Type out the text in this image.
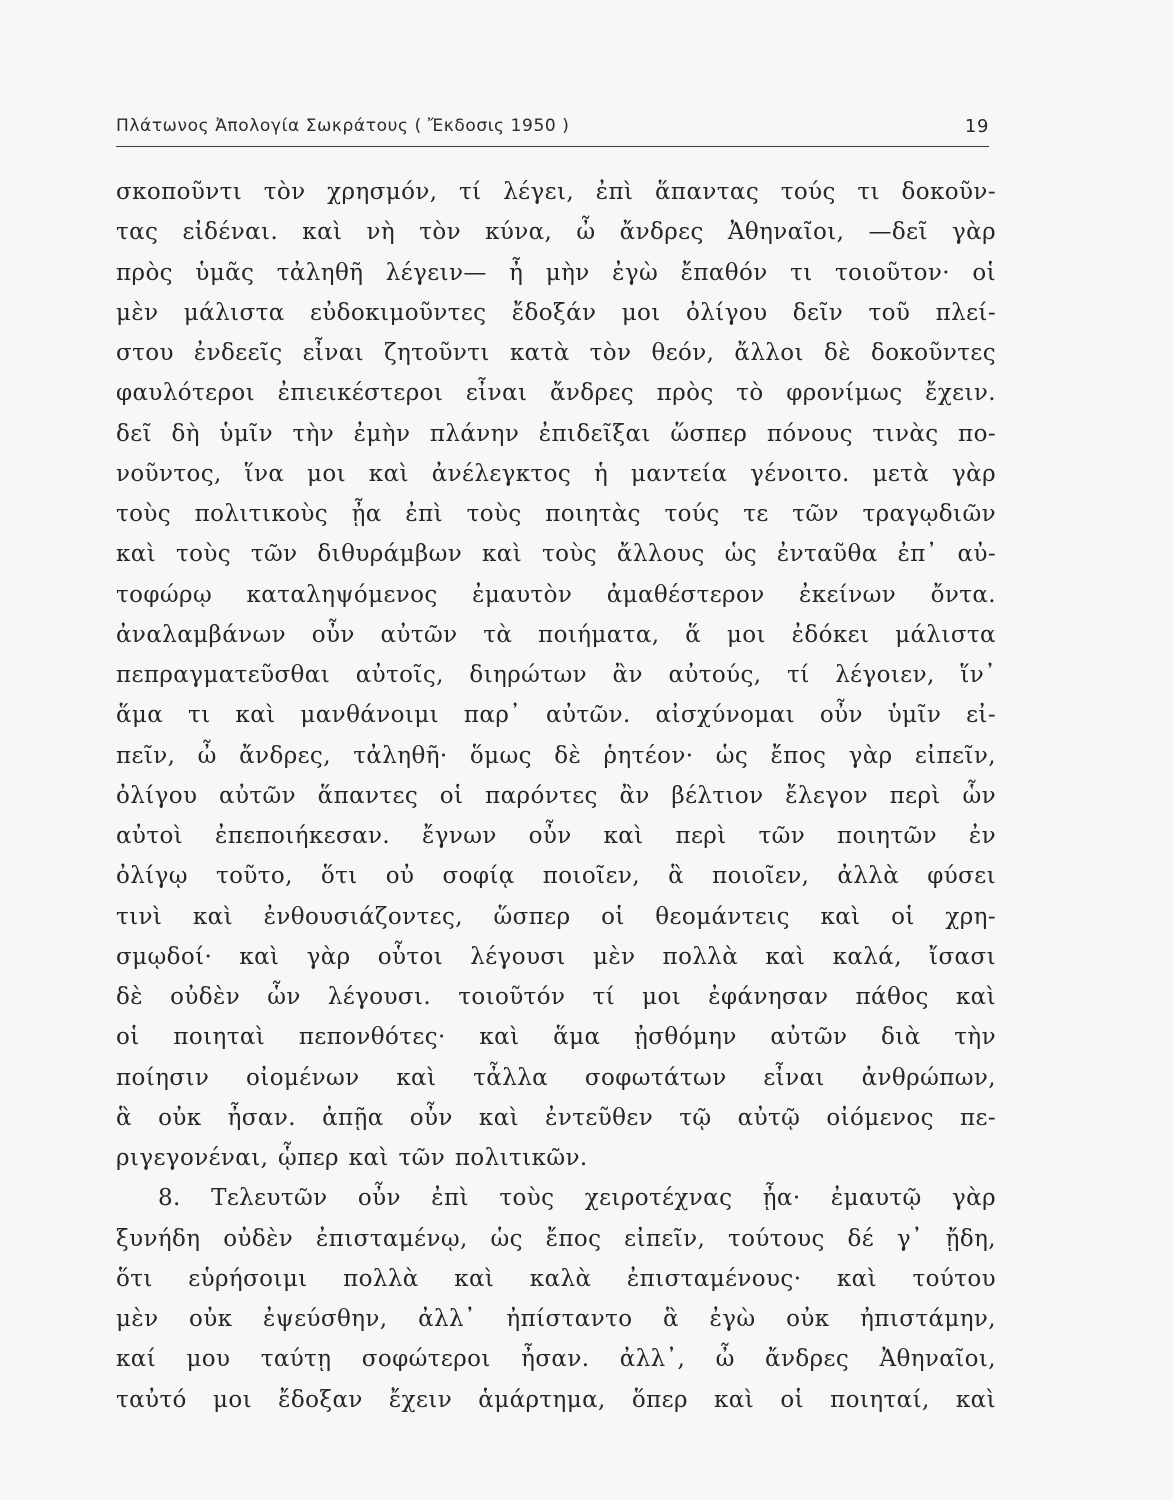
Πλάτωνος Ἀπολογία Σωκράτους ( Ἔκδοσις 1950 )	19
σκοποῦντι τὸν χρησμόν, τί λέγει, ἐπὶ ἅπαντας τούς τι δοκοῦν-
τας εἰδέναι. καὶ νὴ τὸν κύνα, ὦ ἄνδρες Ἀθηναῖοι, —δεῖ γὰρ
πρὸς ὑμᾶς τἀληθῆ λέγειν— ἦ μὴν ἐγὼ ἔπαθόν τι τοιοῦτον· οἱ
μὲν μάλιστα εὐδοκιμοῦντες ἔδοξάν μοι ὀλίγου δεῖν τοῦ πλεί-
στου ἐνδεεῖς εἶναι ζητοῦντι κατὰ τὸν θεόν, ἄλλοι δὲ δοκοῦντες
φαυλότεροι ἐπιεικέστεροι εἶναι ἄνδρες πρὸς τὸ φρονίμως ἔχειν.
δεῖ δὴ ὑμῖν τὴν ἐμὴν πλάνην ἐπιδεῖξαι ὥσπερ πόνους τινὰς πο-
νοῦντος, ἵνα μοι καὶ ἀνέλεγκτος ἡ μαντεία γένοιτο. μετὰ γὰρ
τοὺς πολιτικοὺς ᾖα ἐπὶ τοὺς ποιητὰς τούς τε τῶν τραγῳδιῶν
καὶ τοὺς τῶν διθυράμβων καὶ τοὺς ἄλλους ὡς ἐνταῦθα ἐπ᾽ αὐ-
τοφώρῳ καταληψόμενος ἐμαυτὸν ἀμαθέστερον ἐκείνων ὄντα.
ἀναλαμβάνων οὖν αὐτῶν τὰ ποιήματα, ἅ μοι ἐδόκει μάλιστα
πεπραγματεῦσθαι αὐτοῖς, διηρώτων ἂν αὐτούς, τί λέγοιεν, ἵν᾽
ἅμα τι καὶ μανθάνοιμι παρ᾽ αὐτῶν. αἰσχύνομαι οὖν ὑμῖν εἰ-
πεῖν, ὦ ἄνδρες, τἀληθῆ· ὅμως δὲ ῥητέον· ὡς ἔπος γὰρ εἰπεῖν,
ὀλίγου αὐτῶν ἅπαντες οἱ παρόντες ἂν βέλτιον ἔλεγον περὶ ὧν
αὐτοὶ ἐπεποιήκεσαν. ἔγνων οὖν καὶ περὶ τῶν ποιητῶν ἐν
ὀλίγῳ τοῦτο, ὅτι οὐ σοφίᾳ ποιοῖεν, ἃ ποιοῖεν, ἀλλὰ φύσει
τινὶ καὶ ἐνθουσιάζοντες, ὥσπερ οἱ θεομάντεις καὶ οἱ χρη-
σμῳδοί· καὶ γὰρ οὗτοι λέγουσι μὲν πολλὰ καὶ καλά, ἴσασι
δὲ οὐδὲν ὧν λέγουσι. τοιοῦτόν τί μοι ἐφάνησαν πάθος καὶ
οἱ ποιηταὶ πεπονθότες· καὶ ἅμα ᾐσθόμην αὐτῶν διὰ τὴν
ποίησιν οἰομένων καὶ τἆλλα σοφωτάτων εἶναι ἀνθρώπων,
ἃ οὐκ ἦσαν. ἀπῇα οὖν καὶ ἐντεῦθεν τῷ αὐτῷ οἰόμενος πε-
ριγεγονέναι, ᾧπερ καὶ τῶν πολιτικῶν.
8. Τελευτῶν οὖν ἐπὶ τοὺς χειροτέχνας ᾖα· ἐμαυτῷ γὰρ
ξυνήδη οὐδὲν ἐπισταμένῳ, ὡς ἔπος εἰπεῖν, τούτους δέ γ᾽ ᾔδη,
ὅτι εὑρήσοιμι πολλὰ καὶ καλὰ ἐπισταμένους· καὶ τούτου
μὲν οὐκ ἐψεύσθην, ἀλλ᾽ ἠπίσταντο ἃ ἐγὼ οὐκ ἠπιστάμην,
καί μου ταύτῃ σοφώτεροι ἦσαν. ἀλλ᾽, ὦ ἄνδρες Ἀθηναῖοι,
ταὐτό μοι ἔδοξαν ἔχειν ἁμάρτημα, ὅπερ καὶ οἱ ποιηταί, καὶ
